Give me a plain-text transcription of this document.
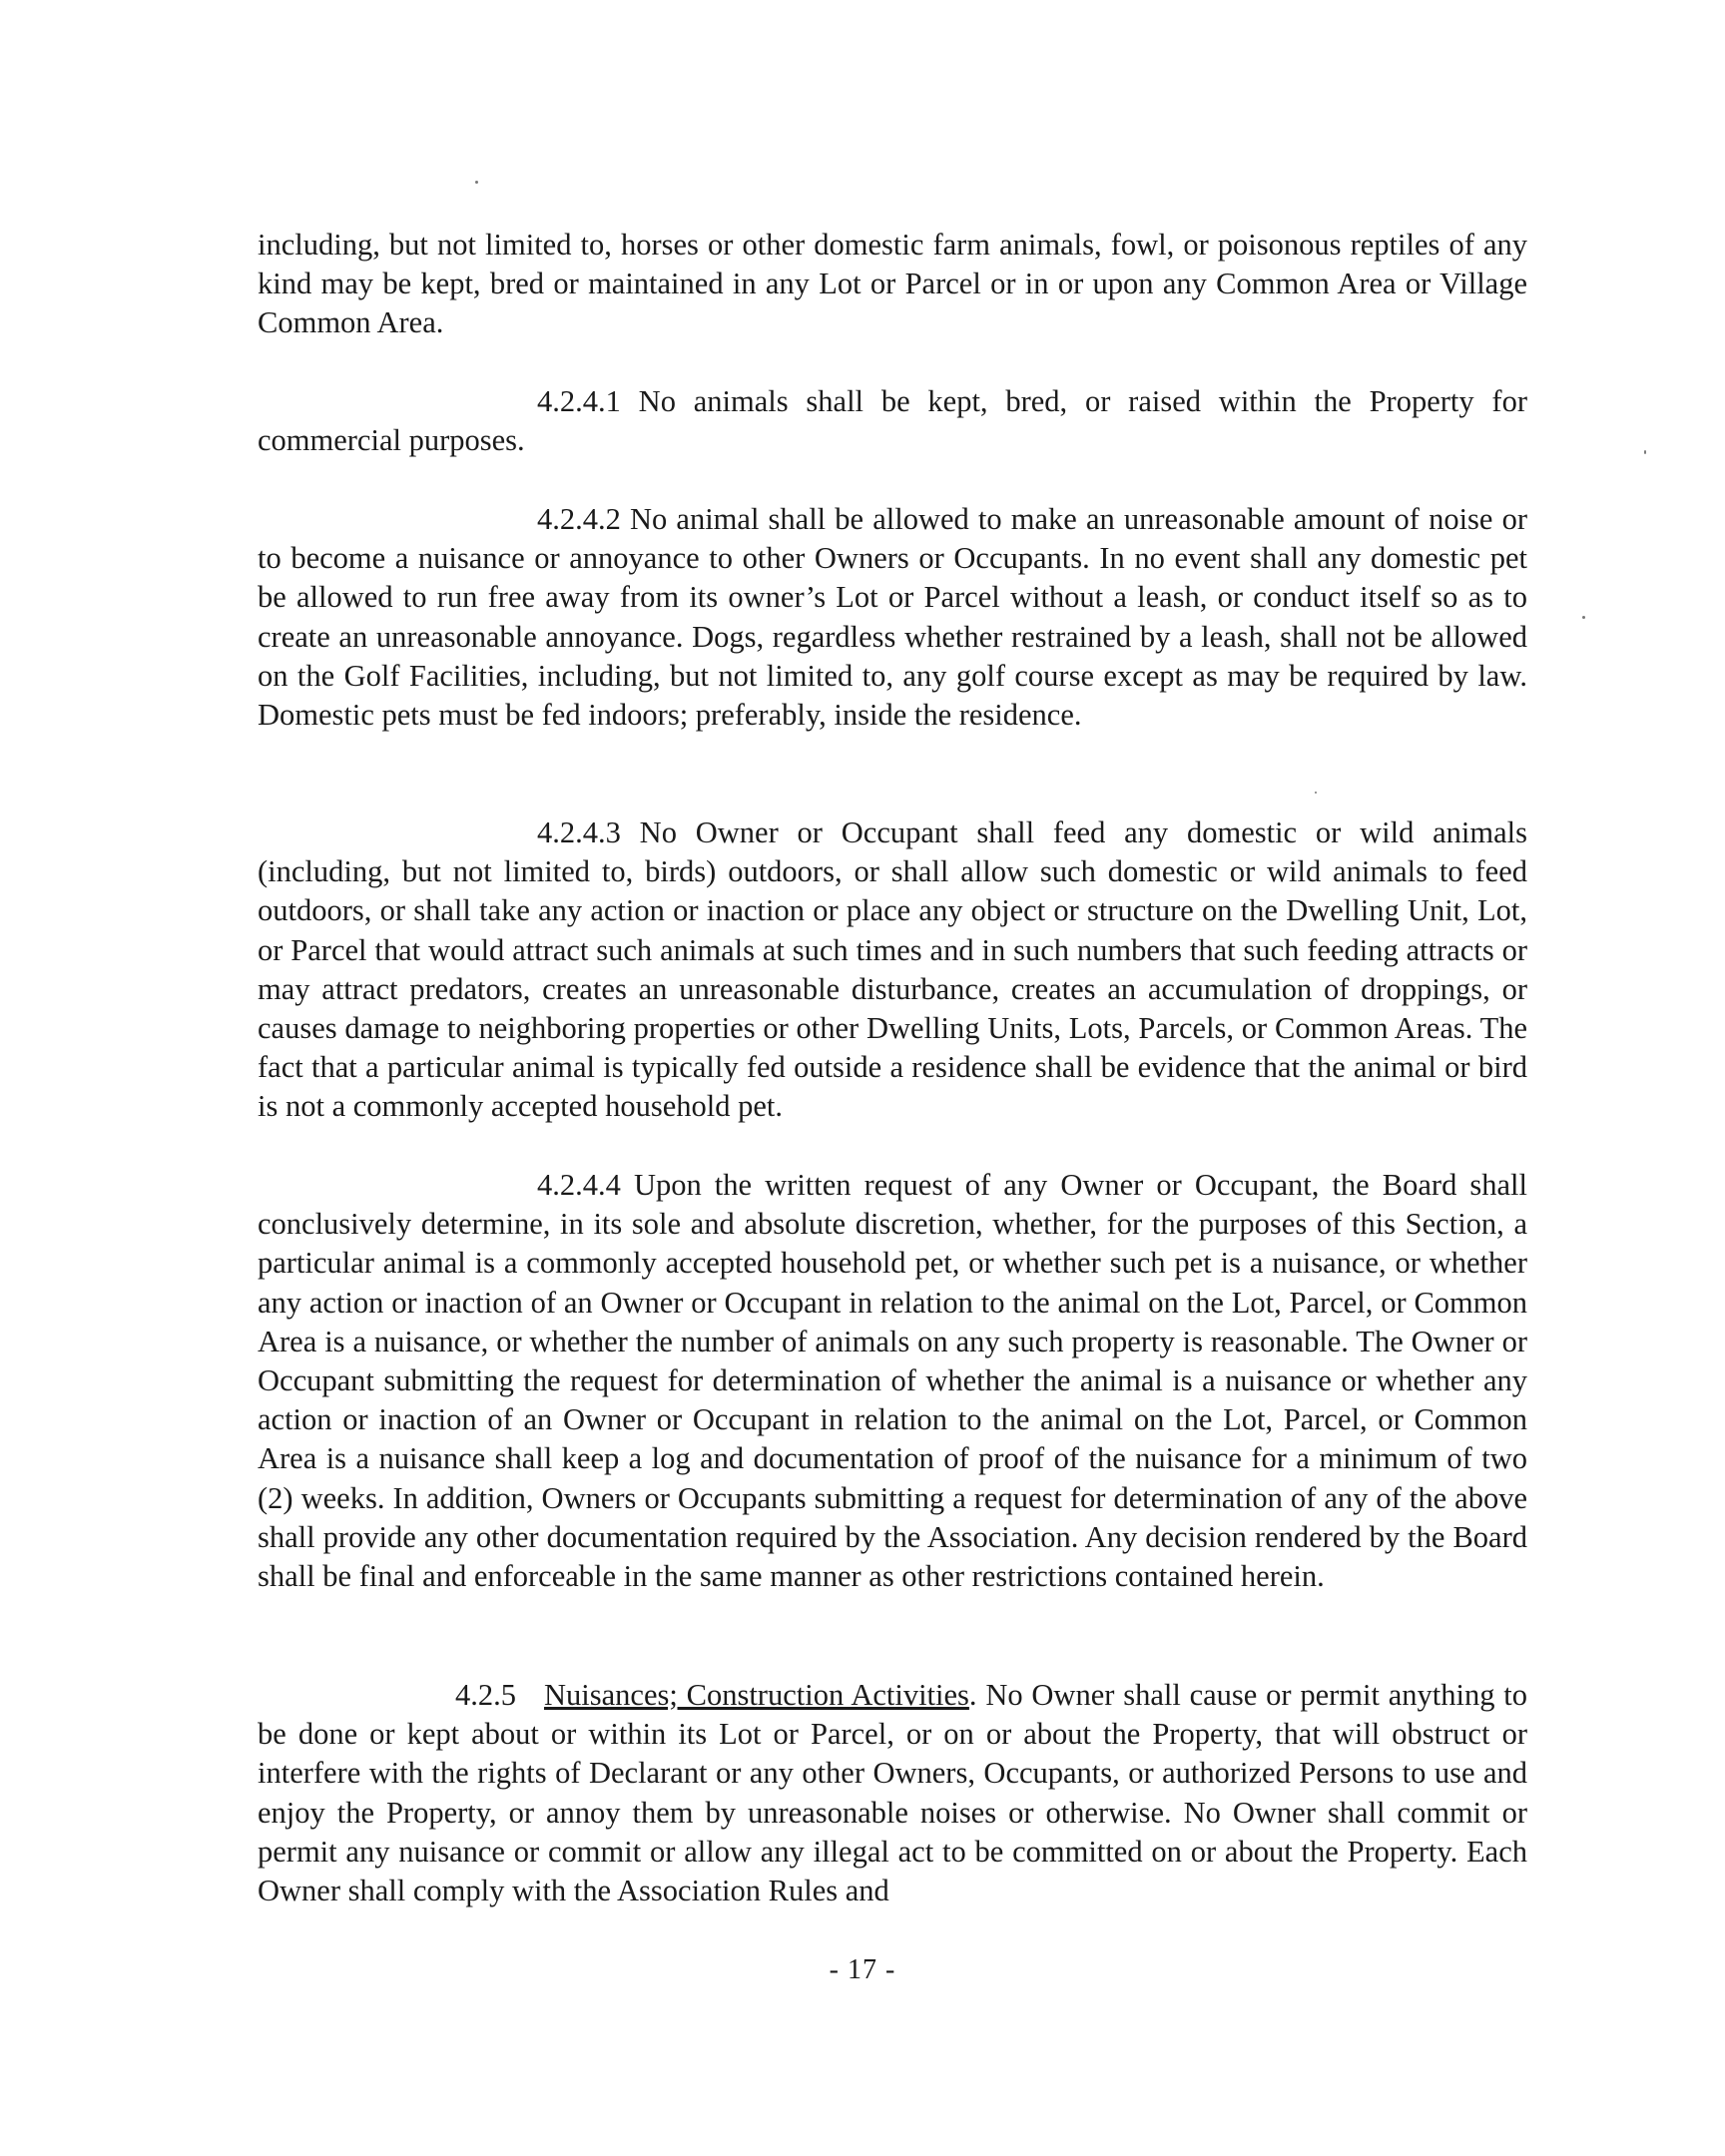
including, but not limited to, horses or other domestic farm animals, fowl, or poisonous reptiles of any kind may be kept, bred or maintained in any Lot or Parcel or in or upon any Common Area or Village Common Area.

4.2.4.1 No animals shall be kept, bred, or raised within the Property for commercial purposes.

4.2.4.2 No animal shall be allowed to make an unreasonable amount of noise or to become a nuisance or annoyance to other Owners or Occupants. In no event shall any domestic pet be allowed to run free away from its owner’s Lot or Parcel without a leash, or conduct itself so as to create an unreasonable annoyance. Dogs, regardless whether restrained by a leash, shall not be allowed on the Golf Facilities, including, but not limited to, any golf course except as may be required by law. Domestic pets must be fed indoors; preferably, inside the residence.

4.2.4.3 No Owner or Occupant shall feed any domestic or wild animals (including, but not limited to, birds) outdoors, or shall allow such domestic or wild animals to feed outdoors, or shall take any action or inaction or place any object or structure on the Dwelling Unit, Lot, or Parcel that would attract such animals at such times and in such numbers that such feeding attracts or may attract predators, creates an unreasonable disturbance, creates an accumulation of droppings, or causes damage to neighboring properties or other Dwelling Units, Lots, Parcels, or Common Areas. The fact that a particular animal is typically fed outside a residence shall be evidence that the animal or bird is not a commonly accepted household pet.

4.2.4.4 Upon the written request of any Owner or Occupant, the Board shall conclusively determine, in its sole and absolute discretion, whether, for the purposes of this Section, a particular animal is a commonly accepted household pet, or whether such pet is a nuisance, or whether any action or inaction of an Owner or Occupant in relation to the animal on the Lot, Parcel, or Common Area is a nuisance, or whether the number of animals on any such property is reasonable. The Owner or Occupant submitting the request for determination of whether the animal is a nuisance or whether any action or inaction of an Owner or Occupant in relation to the animal on the Lot, Parcel, or Common Area is a nuisance shall keep a log and documentation of proof of the nuisance for a minimum of two (2) weeks. In addition, Owners or Occupants submitting a request for determination of any of the above shall provide any other documentation required by the Association. Any decision rendered by the Board shall be final and enforceable in the same manner as other restrictions contained herein.

4.2.5 Nuisances; Construction Activities. No Owner shall cause or permit anything to be done or kept about or within its Lot or Parcel, or on or about the Property, that will obstruct or interfere with the rights of Declarant or any other Owners, Occupants, or authorized Persons to use and enjoy the Property, or annoy them by unreasonable noises or otherwise. No Owner shall commit or permit any nuisance or commit or allow any illegal act to be committed on or about the Property. Each Owner shall comply with the Association Rules and

- 17 -
